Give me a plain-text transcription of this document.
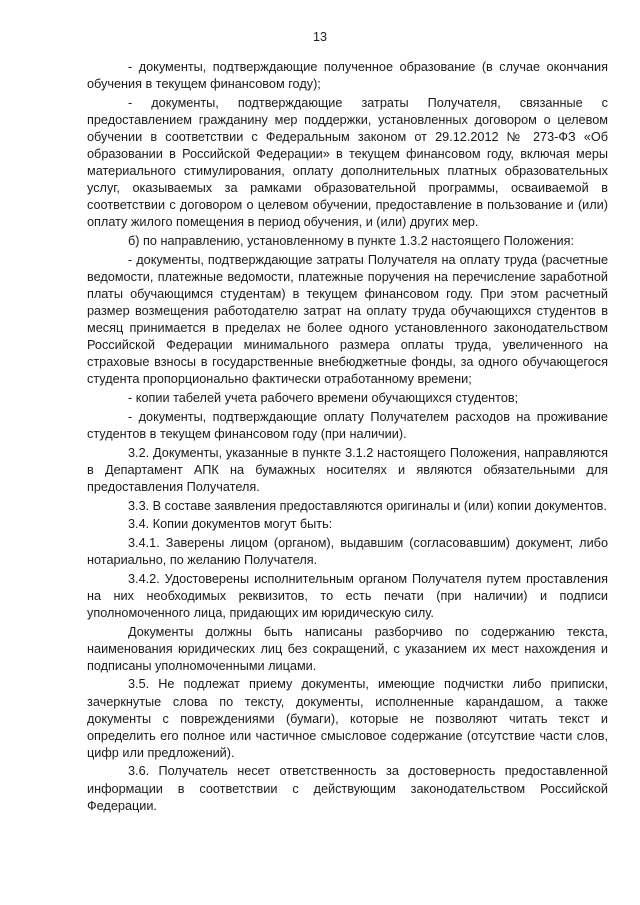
13

- документы, подтверждающие полученное образование (в случае окончания обучения в текущем финансовом году);

- документы, подтверждающие затраты Получателя, связанные с предоставлением гражданину мер поддержки, установленных договором о целевом обучении в соответствии с Федеральным законом от 29.12.2012 № 273-ФЗ «Об образовании в Российской Федерации» в текущем финансовом году, включая меры материального стимулирования, оплату дополнительных платных образовательных услуг, оказываемых за рамками образовательной программы, осваиваемой в соответствии с договором о целевом обучении, предоставление в пользование и (или) оплату жилого помещения в период обучения, и (или) других мер.

б) по направлению, установленному в пункте 1.3.2 настоящего Положения:

- документы, подтверждающие затраты Получателя на оплату труда (расчетные ведомости, платежные ведомости, платежные поручения на перечисление заработной платы обучающимся студентам) в текущем финансовом году. При этом расчетный размер возмещения работодателю затрат на оплату труда обучающихся студентов в месяц принимается в пределах не более одного установленного законодательством Российской Федерации минимального размера оплаты труда, увеличенного на страховые взносы в государственные внебюджетные фонды, за одного обучающегося студента пропорционально фактически отработанному времени;

- копии табелей учета рабочего времени обучающихся студентов;

- документы, подтверждающие оплату Получателем расходов на проживание студентов в текущем финансовом году (при наличии).

3.2. Документы, указанные в пункте 3.1.2 настоящего Положения, направляются в Департамент АПК на бумажных носителях и являются обязательными для предоставления Получателя.

3.3. В составе заявления предоставляются оригиналы и (или) копии документов.

3.4. Копии документов могут быть:

3.4.1. Заверены лицом (органом), выдавшим (согласовавшим) документ, либо нотариально, по желанию Получателя.

3.4.2. Удостоверены исполнительным органом Получателя путем проставления на них необходимых реквизитов, то есть печати (при наличии) и подписи уполномоченного лица, придающих им юридическую силу.

Документы должны быть написаны разборчиво по содержанию текста, наименования юридических лиц без сокращений, с указанием их мест нахождения и подписаны уполномоченными лицами.

3.5. Не подлежат приему документы, имеющие подчистки либо приписки, зачеркнутые слова по тексту, документы, исполненные карандашом, а также документы с повреждениями (бумаги), которые не позволяют читать текст и определить его полное или частичное смысловое содержание (отсутствие части слов, цифр или предложений).

3.6. Получатель несет ответственность за достоверность предоставленной информации в соответствии с действующим законодательством Российской Федерации.
